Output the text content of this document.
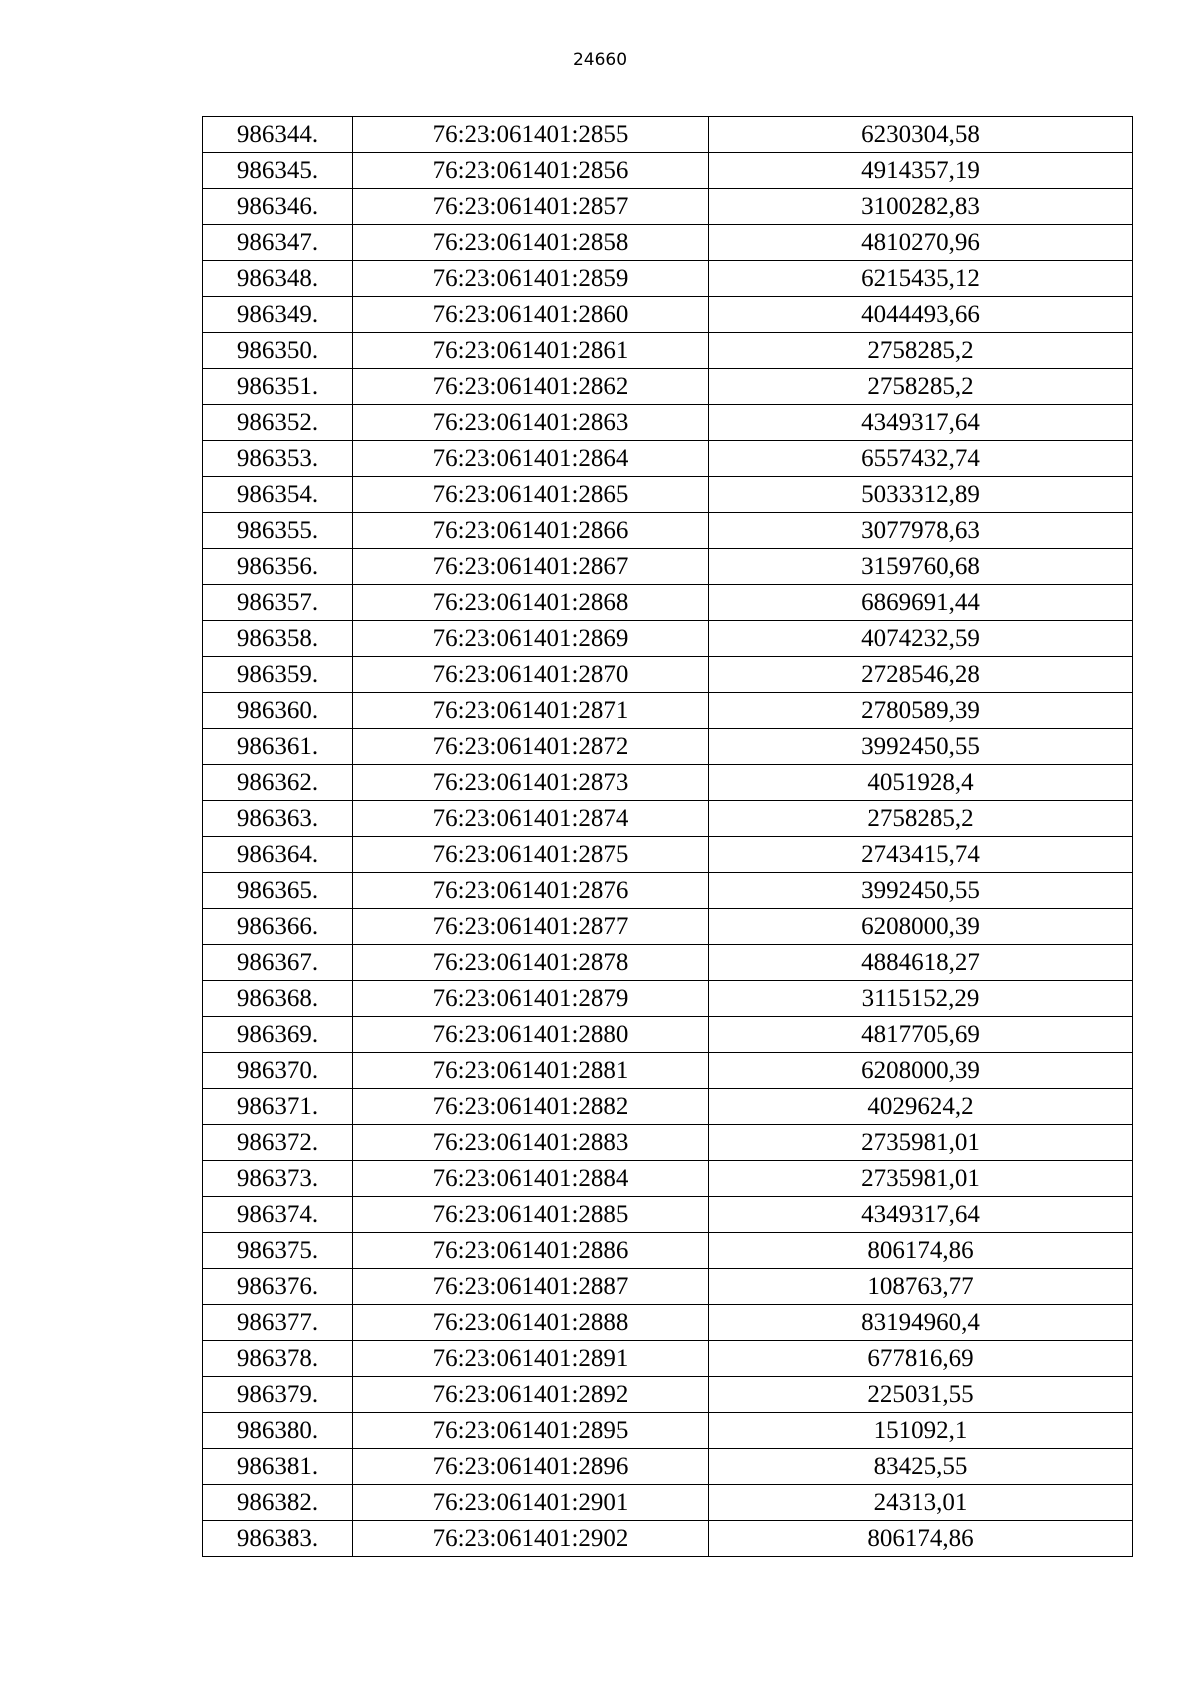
24660
986344.	76:23:061401:2855	6230304,58
986345.	76:23:061401:2856	4914357,19
986346.	76:23:061401:2857	3100282,83
986347.	76:23:061401:2858	4810270,96
986348.	76:23:061401:2859	6215435,12
986349.	76:23:061401:2860	4044493,66
986350.	76:23:061401:2861	2758285,2
986351.	76:23:061401:2862	2758285,2
986352.	76:23:061401:2863	4349317,64
986353.	76:23:061401:2864	6557432,74
986354.	76:23:061401:2865	5033312,89
986355.	76:23:061401:2866	3077978,63
986356.	76:23:061401:2867	3159760,68
986357.	76:23:061401:2868	6869691,44
986358.	76:23:061401:2869	4074232,59
986359.	76:23:061401:2870	2728546,28
986360.	76:23:061401:2871	2780589,39
986361.	76:23:061401:2872	3992450,55
986362.	76:23:061401:2873	4051928,4
986363.	76:23:061401:2874	2758285,2
986364.	76:23:061401:2875	2743415,74
986365.	76:23:061401:2876	3992450,55
986366.	76:23:061401:2877	6208000,39
986367.	76:23:061401:2878	4884618,27
986368.	76:23:061401:2879	3115152,29
986369.	76:23:061401:2880	4817705,69
986370.	76:23:061401:2881	6208000,39
986371.	76:23:061401:2882	4029624,2
986372.	76:23:061401:2883	2735981,01
986373.	76:23:061401:2884	2735981,01
986374.	76:23:061401:2885	4349317,64
986375.	76:23:061401:2886	806174,86
986376.	76:23:061401:2887	108763,77
986377.	76:23:061401:2888	83194960,4
986378.	76:23:061401:2891	677816,69
986379.	76:23:061401:2892	225031,55
986380.	76:23:061401:2895	151092,1
986381.	76:23:061401:2896	83425,55
986382.	76:23:061401:2901	24313,01
986383.	76:23:061401:2902	806174,86
